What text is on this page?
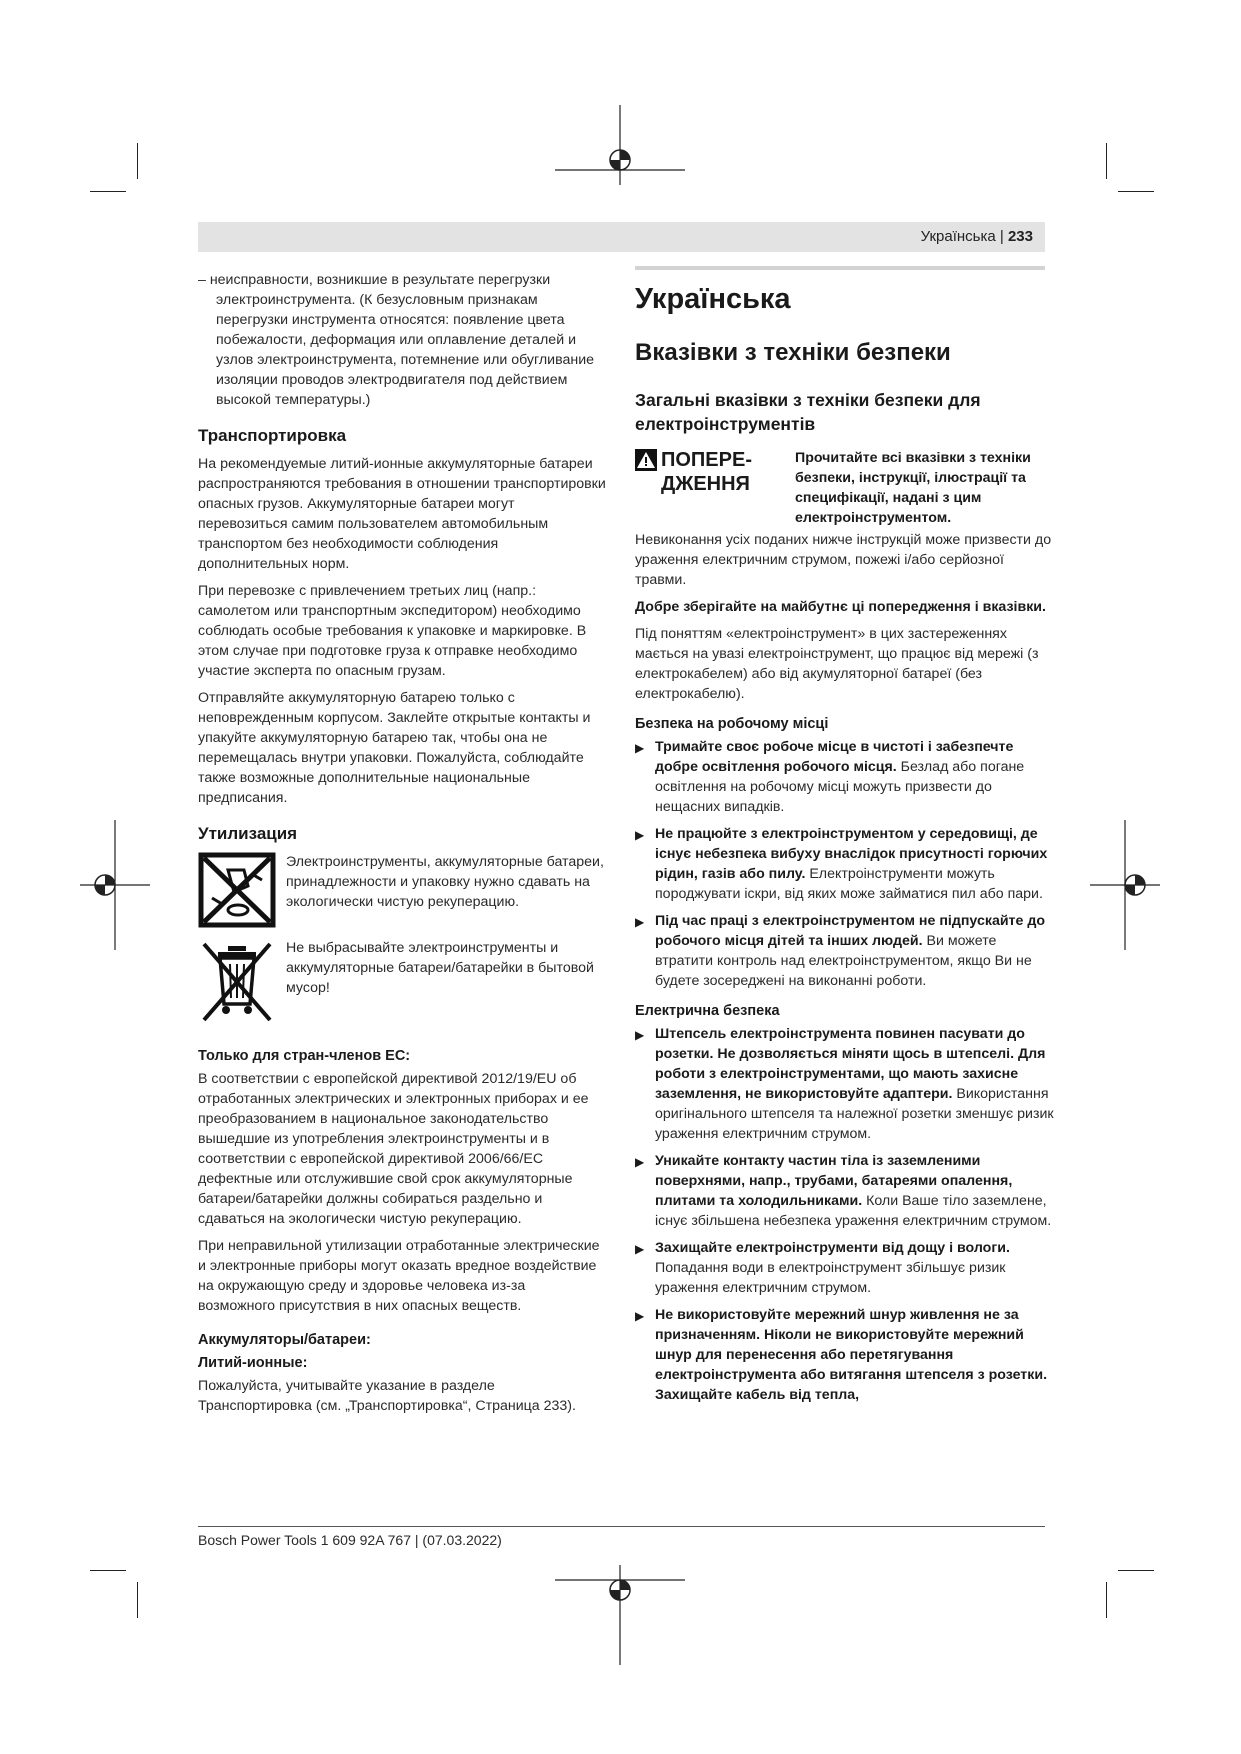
Українська | 233
– неисправности, возникшие в результате перегрузки электроинструмента. (К безусловным признакам перегрузки инструмента относятся: появление цвета побежалости, деформация или оплавление деталей и узлов электроинструмента, потемнение или обугливание изоляции проводов электродвигателя под действием высокой температуры.)
Транспортировка

На рекомендуемые литий-ионные аккумуляторные батареи распространяются требования в отношении транспортировки опасных грузов. Аккумуляторные батареи могут перевозиться самим пользователем автомобильным транспортом без необходимости соблюдения дополнительных норм.

При перевозке с привлечением третьих лиц (напр.: самолетом или транспортным экспедитором) необходимо соблюдать особые требования к упаковке и маркировке. В этом случае при подготовке груза к отправке необходимо участие эксперта по опасным грузам.

Отправляйте аккумуляторную батарею только с неповрежденным корпусом. Заклейте открытые контакты и упакуйте аккумуляторную батарею так, чтобы она не перемещалась внутри упаковки. Пожалуйста, соблюдайте также возможные дополнительные национальные предписания.

Утилизация
Электроинструменты, аккумуляторные батареи, принадлежности и упаковку нужно сдавать на экологически чистую рекуперацию.
Не выбрасывайте электроинструменты и аккумуляторные батареи/батарейки в бытовой мусор!
Только для стран-членов ЕС:

В соответствии с европейской директивой 2012/19/EU об отработанных электрических и электронных приборах и ее преобразованием в национальное законодательство вышедшие из употребления электроинструменты и в соответствии с европейской директивой 2006/66/EC дефектные или отслужившие свой срок аккумуляторные батареи/батарейки должны собираться раздельно и сдаваться на экологически чистую рекуперацию.

При неправильной утилизации отработанные электрические и электронные приборы могут оказать вредное воздействие на окружающую среду и здоровье человека из-за возможного присутствия в них опасных веществ.

Аккумуляторы/батареи:
Литий-ионные:

Пожалуйста, учитывайте указание в разделе Транспортировка (см. „Транспортировка“, Страница 233).

Українська
Вказівки з техніки безпеки
Загальні вказівки з техніки безпеки для електроінструментів
ПОПЕРЕДЖЕННЯ
Прочитайте всі вказівки з техніки безпеки, інструкції, ілюстрації та специфікації, надані з цим електроінструментом.

Невиконання усіх поданих нижче інструкцій може призвести до ураження електричним струмом, пожежі і/або серйозної травми.

Добре зберігайте на майбутнє ці попередження і вказівки.

Під поняттям «електроінструмент» в цих застереженнях мається на увазі електроінструмент, що працює від мережі (з електрокабелем) або від акумуляторної батареї (без електрокабелю).

Безпека на робочому місці
▶ Тримайте своє робоче місце в чистоті і забезпечте добре освітлення робочого місця. Безлад або погане освітлення на робочому місці можуть призвести до нещасних випадків.
▶ Не працюйте з електроінструментом у середовищі, де існує небезпека вибуху внаслідок присутності горючих рідин, газів або пилу. Електроінструменти можуть породжувати іскри, від яких може займатися пил або пари.
▶ Під час праці з електроінструментом не підпускайте до робочого місця дітей та інших людей. Ви можете втратити контроль над електроінструментом, якщо Ви не будете зосереджені на виконанні роботи.
Електрична безпека
▶ Штепсель електроінструмента повинен пасувати до розетки. Не дозволяється міняти щось в штепселі. Для роботи з електроінструментами, що мають захисне заземлення, не використовуйте адаптери. Використання оригінального штепселя та належної розетки зменшує ризик ураження електричним струмом.
▶ Уникайте контакту частин тіла із заземленими поверхнями, напр., трубами, батареями опалення, плитами та холодильниками. Коли Ваше тіло заземлене, існує збільшена небезпека ураження електричним струмом.
▶ Захищайте електроінструменти від дощу і вологи. Попадання води в електроінструмент збільшує ризик ураження електричним струмом.
▶ Не використовуйте мережний шнур живлення не за призначенням. Ніколи не використовуйте мережний шнур для перенесення або перетягування електроінструмента або витягання штепселя з розетки. Захищайте кабель від тепла,
Bosch Power Tools 1 609 92A 767 | (07.03.2022)
